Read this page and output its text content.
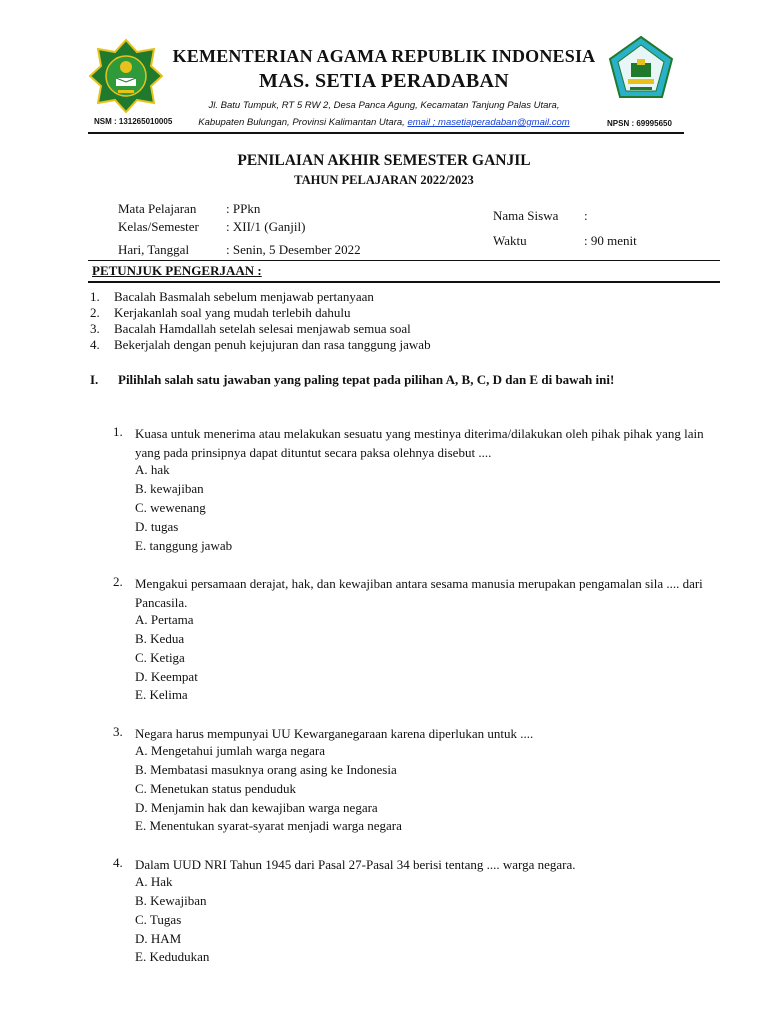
KEMENTERIAN AGAMA REPUBLIK INDONESIA
MAS. SETIA PERADABAN
Jl. Batu Tumpuk, RT 5 RW 2, Desa Panca Agung, Kecamatan Tanjung Palas Utara,
Kabupaten Bulungan, Provinsi Kalimantan Utara, email ; masetiaperadaban@gmail.com
NSM : 131265010005	NPSN : 69995650
PENILAIAN AKHIR SEMESTER GANJIL
TAHUN PELAJARAN 2022/2023
Mata Pelajaran : PPkn
Kelas/Semester : XII/1 (Ganjil)
Hari, Tanggal	: Senin, 5 Desember 2022
Nama Siswa :
Waktu	: 90 menit
PETUNJUK PENGERJAAN :
1. Bacalah Basmalah sebelum menjawab pertanyaan
2. Kerjakanlah soal yang mudah terlebih dahulu
3. Bacalah Hamdallah setelah selesai menjawab semua soal
4. Bekerjalah dengan penuh kejujuran dan rasa tanggung jawab
I. Pilihlah salah satu jawaban yang paling tepat pada pilihan A, B, C, D dan E di bawah ini!
1. Kuasa untuk menerima atau melakukan sesuatu yang mestinya diterima/dilakukan oleh pihak pihak yang lain yang pada prinsipnya dapat dituntut secara paksa olehnya disebut ....
A. hak
B. kewajiban
C. wewenang
D. tugas
E. tanggung jawab
2. Mengakui persamaan derajat, hak, dan kewajiban antara sesama manusia merupakan pengamalan sila .... dari Pancasila.
A. Pertama
B. Kedua
C. Ketiga
D. Keempat
E. Kelima
3. Negara harus mempunyai UU Kewarganegaraan karena diperlukan untuk ....
A. Mengetahui jumlah warga negara
B. Membatasi masuknya orang asing ke Indonesia
C. Menetukan status penduduk
D. Menjamin hak dan kewajiban warga negara
E. Menentukan syarat-syarat menjadi warga negara
4. Dalam UUD NRI Tahun 1945 dari Pasal 27-Pasal 34 berisi tentang .... warga negara.
A. Hak
B. Kewajiban
C. Tugas
D. HAM
E. Kedudukan
